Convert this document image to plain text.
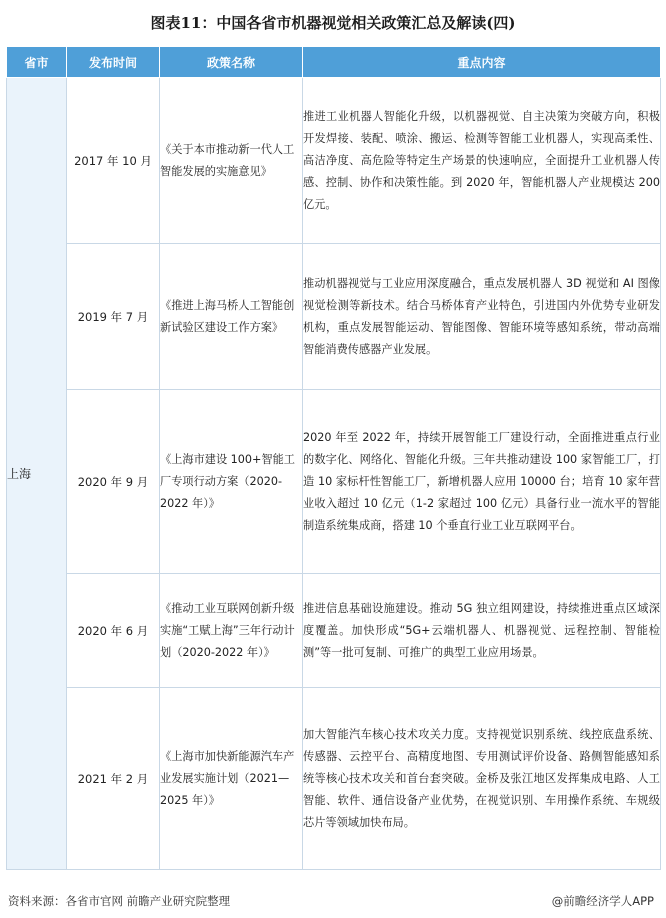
图表11：中国各省市机器视觉相关政策汇总及解读(四)
省市	发布时间	政策名称	重点内容
上海	2017 年 10 月	《关于本市推动新一代人工智能发展的实施意见》	推进工业机器人智能化升级，以机器视觉、自主决策为突破方向，积极开发焊接、装配、喷涂、搬运、检测等智能工业机器人，实现高柔性、高洁净度、高危险等特定生产场景的快速响应，全面提升工业机器人传感、控制、协作和决策性能。到 2020 年，智能机器人产业规模达 200 亿元。
	2019 年 7 月	《推进上海马桥人工智能创新试验区建设工作方案》	推动机器视觉与工业应用深度融合，重点发展机器人 3D 视觉和 AI 图像视觉检测等新技术。结合马桥体育产业特色，引进国内外优势专业研发机构，重点发展智能运动、智能图像、智能环境等感知系统，带动高端智能消费传感器产业发展。
	2020 年 9 月	《上海市建设 100+智能工厂专项行动方案（2020-2022 年）》	2020 年至 2022 年，持续开展智能工厂建设行动，全面推进重点行业的数字化、网络化、智能化升级。三年共推动建设 100 家智能工厂，打造 10 家标杆性智能工厂，新增机器人应用 10000 台；培育 10 家年营业收入超过 10 亿元（1-2 家超过 100 亿元）具备行业一流水平的智能制造系统集成商，搭建 10 个垂直行业工业互联网平台。
	2020 年 6 月	《推动工业互联网创新升级实施“工赋上海”三年行动计划（2020-2022 年）》	推进信息基础设施建设。推动 5G 独立组网建设，持续推进重点区域深度覆盖。加快形成“5G+云端机器人、机器视觉、远程控制、智能检测”等一批可复制、可推广的典型工业应用场景。
	2021 年 2 月	《上海市加快新能源汽车产业发展实施计划（2021—2025 年）》	加大智能汽车核心技术攻关力度。支持视觉识别系统、线控底盘系统、传感器、云控平台、高精度地图、专用测试评价设备、路侧智能感知系统等核心技术攻关和首台套突破。金桥及张江地区发挥集成电路、人工智能、软件、通信设备产业优势，在视觉识别、车用操作系统、车规级芯片等领域加快布局。
资料来源：各省市官网 前瞻产业研究院整理	@前瞻经济学人APP
